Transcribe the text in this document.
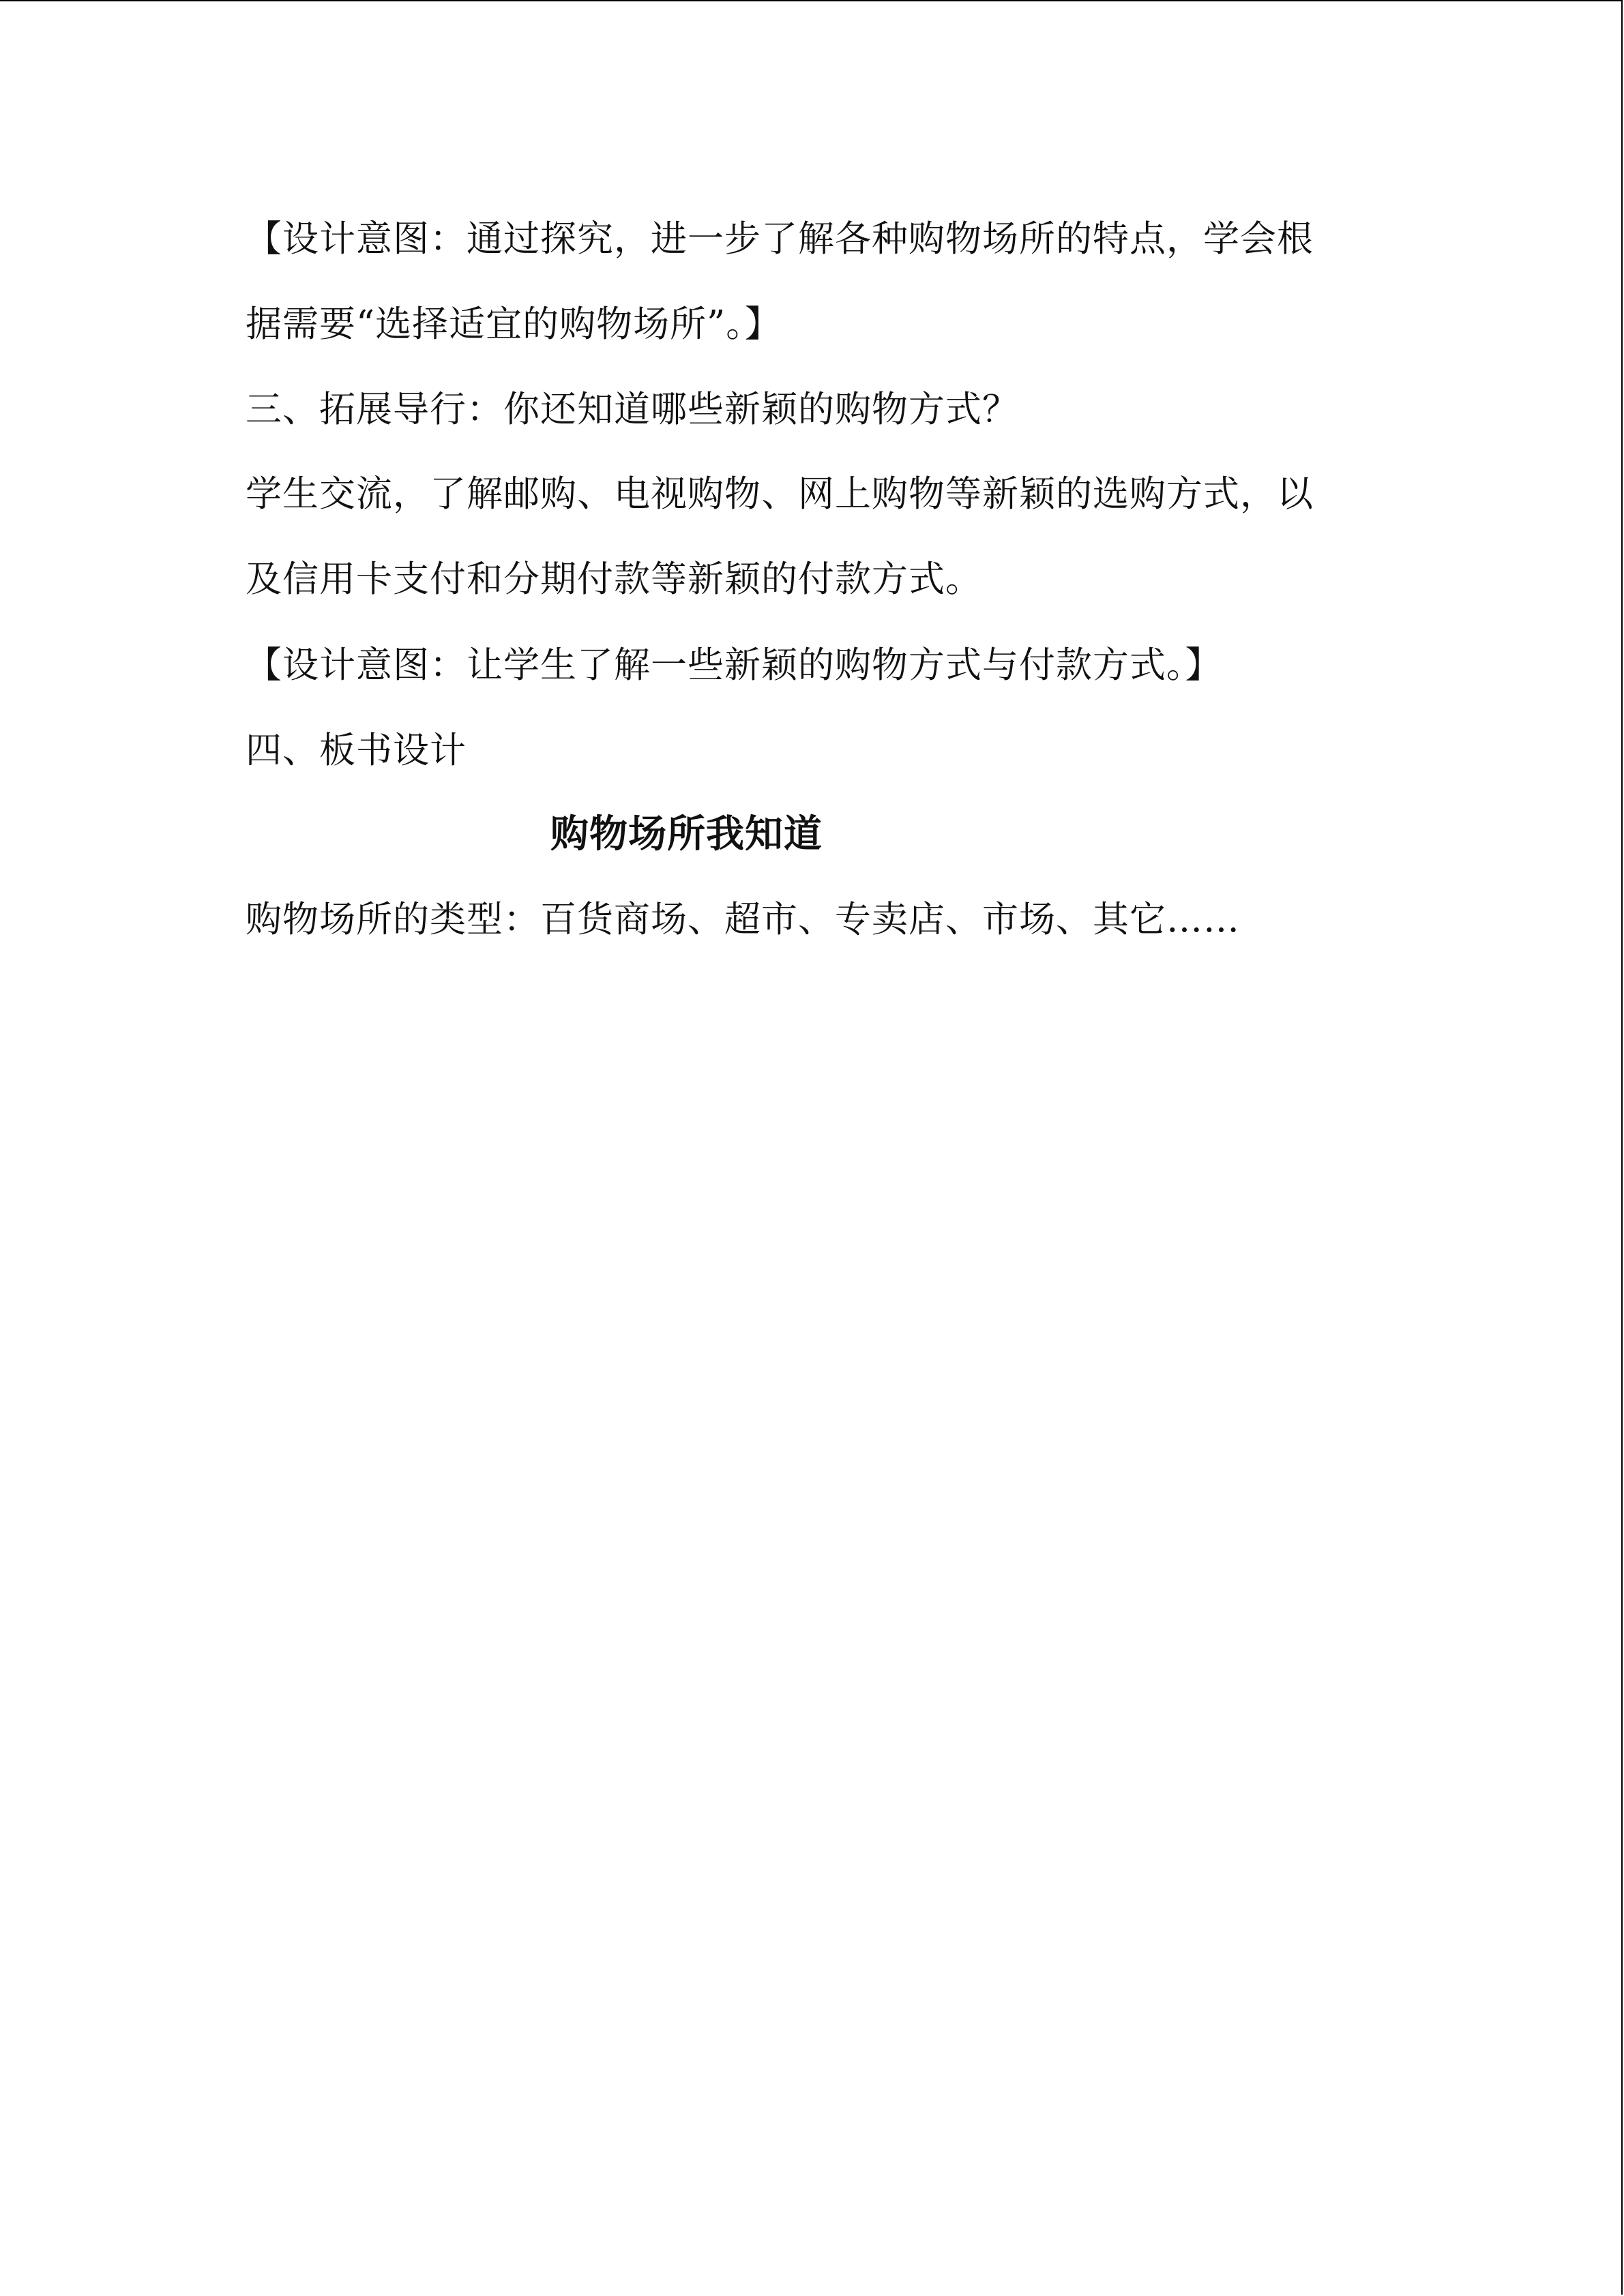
【设计意图：通过探究，进一步了解各种购物场所的特点，学会根
据需要“选择适宜的购物场所”。】
三、拓展导行：你还知道哪些新颖的购物方式？
学生交流，了解邮购、电视购物、网上购物等新颖的选购方式，以
及信用卡支付和分期付款等新颖的付款方式。
【设计意图：让学生了解一些新颖的购物方式与付款方式。】
四、板书设计
购物场所我知道
购物场所的类型：百货商场、超市、专卖店、市场、其它……
